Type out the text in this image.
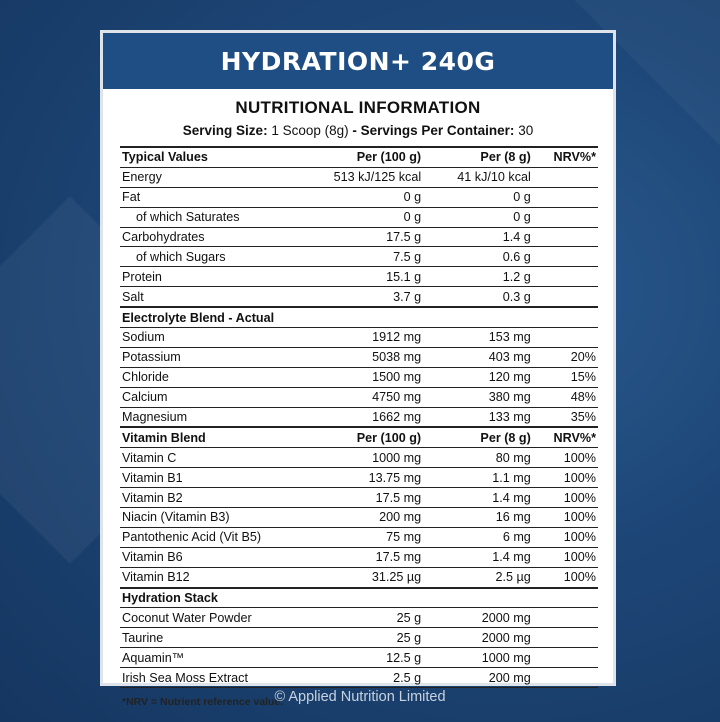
HYDRATION+ 240G
NUTRITIONAL INFORMATION
Serving Size: 1 Scoop (8g) - Servings Per Container: 30
Typical Values	Per (100 g)	Per (8 g)	NRV%*
Energy	513 kJ/125 kcal	41 kJ/10 kcal	
Fat	0 g	0 g	
of which Saturates	0 g	0 g	
Carbohydrates	17.5 g	1.4 g	
of which Sugars	7.5 g	0.6 g	
Protein	15.1 g	1.2 g	
Salt	3.7 g	0.3 g	
Electrolyte Blend - Actual			
Sodium	1912 mg	153 mg	
Potassium	5038 mg	403 mg	20%
Chloride	1500 mg	120 mg	15%
Calcium	4750 mg	380 mg	48%
Magnesium	1662 mg	133 mg	35%
Vitamin Blend	Per (100 g)	Per (8 g)	NRV%*
Vitamin C	1000 mg	80 mg	100%
Vitamin B1	13.75 mg	1.1 mg	100%
Vitamin B2	17.5 mg	1.4 mg	100%
Niacin (Vitamin B3)	200 mg	16 mg	100%
Pantothenic Acid (Vit B5)	75 mg	6 mg	100%
Vitamin B6	17.5 mg	1.4 mg	100%
Vitamin B12	31.25 µg	2.5 µg	100%
Hydration Stack			
Coconut Water Powder	25 g	2000 mg	
Taurine	25 g	2000 mg	
Aquamin™	12.5 g	1000 mg	
Irish Sea Moss Extract	2.5 g	200 mg	
*NRV = Nutrient reference value.
© Applied Nutrition Limited
